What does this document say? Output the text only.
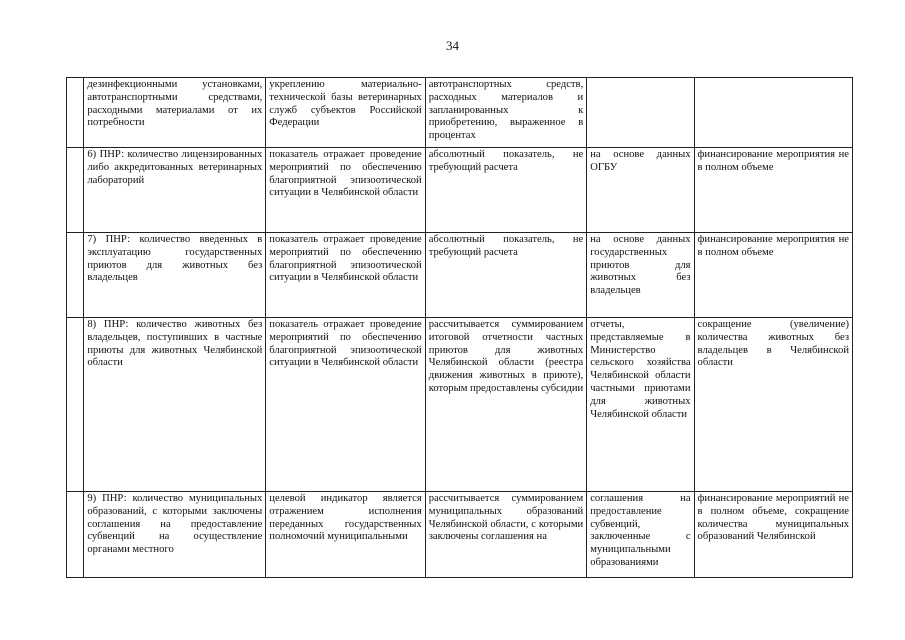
34
	дезинфекционными установками, автотранспортными средствами, расходными материалами от их потребности	укреплению материально-технической базы ветеринарных служб субъектов Российской Федерации	автотранспортных средств, расходных материалов и запланированных к приобретению, выраженное в процентах		
	6) ПНР: количество лицензированных либо аккредитованных ветеринарных лабораторий	показатель отражает проведение мероприятий по обеспечению благоприятной эпизоотической ситуации в Челябинской области	абсолютный показатель, не требующий расчета	на основе данных ОГБУ	финансирование мероприятия не в полном объеме
	7) ПНР: количество введенных в эксплуатацию государственных приютов для животных без владельцев	показатель отражает проведение мероприятий по обеспечению благоприятной эпизоотической ситуации в Челябинской области	абсолютный показатель, не требующий расчета	на основе данных государственных приютов для животных без владельцев	финансирование мероприятия не в полном объеме
	8) ПНР: количество животных без владельцев, поступивших в частные приюты для животных Челябинской области	показатель отражает проведение мероприятий по обеспечению благоприятной эпизоотической ситуации в Челябинской области	рассчитывается суммированием итоговой отчетности частных приютов для животных Челябинской области (реестра движения животных в приюте), которым предоставлены субсидии	отчеты, представляемые в Министерство сельского хозяйства Челябинской области частными приютами для животных Челябинской области	сокращение (увеличение) количества животных без владельцев в Челябинской области
	9) ПНР: количество муниципальных образований, с которыми заключены соглашения на предоставление субвенций на осуществление органами местного	целевой индикатор является отражением исполнения переданных государственных полномочий муниципальными	рассчитывается суммированием муниципальных образований Челябинской области, с которыми заключены соглашения на	соглашения на предоставление субвенций, заключенные с муниципальными образованиями	финансирование мероприятий не в полном объеме, сокращение количества муниципальных образований Челябинской
